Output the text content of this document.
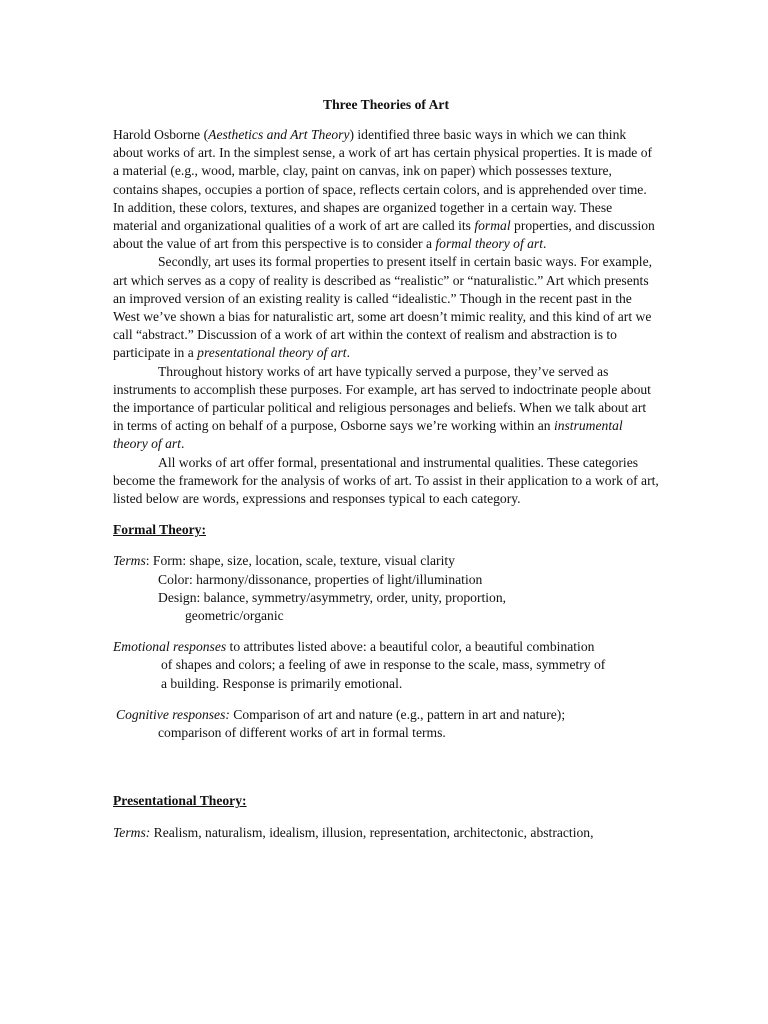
Three Theories of Art

Harold Osborne (Aesthetics and Art Theory) identified three basic ways in which we can think about works of art. In the simplest sense, a work of art has certain physical properties. It is made of a material (e.g., wood, marble, clay, paint on canvas, ink on paper) which possesses texture, contains shapes, occupies a portion of space, reflects certain colors, and is apprehended over time. In addition, these colors, textures, and shapes are organized together in a certain way. These material and organizational qualities of a work of art are called its formal properties, and discussion about the value of art from this perspective is to consider a formal theory of art.

Secondly, art uses its formal properties to present itself in certain basic ways. For example, art which serves as a copy of reality is described as “realistic” or “naturalistic.” Art which presents an improved version of an existing reality is called “idealistic.” Though in the recent past in the West we’ve shown a bias for naturalistic art, some art doesn’t mimic reality, and this kind of art we call “abstract.” Discussion of a work of art within the context of realism and abstraction is to participate in a presentational theory of art.

Throughout history works of art have typically served a purpose, they’ve served as instruments to accomplish these purposes. For example, art has served to indoctrinate people about the importance of particular political and religious personages and beliefs. When we talk about art in terms of acting on behalf of a purpose, Osborne says we’re working within an instrumental theory of art.

All works of art offer formal, presentational and instrumental qualities. These categories become the framework for the analysis of works of art. To assist in their application to a work of art, listed below are words, expressions and responses typical to each category.

Formal Theory:

Terms: Form: shape, size, location, scale, texture, visual clarity

Color: harmony/dissonance, properties of light/illumination

Design: balance, symmetry/asymmetry, order, unity, proportion,

geometric/organic

Emotional responses to attributes listed above: a beautiful color, a beautiful combination

of shapes and colors; a feeling of awe in response to the scale, mass, symmetry of

a building. Response is primarily emotional.

Cognitive responses: Comparison of art and nature (e.g., pattern in art and nature);

comparison of different works of art in formal terms.

Presentational Theory:

Terms: Realism, naturalism, idealism, illusion, representation, architectonic, abstraction,
